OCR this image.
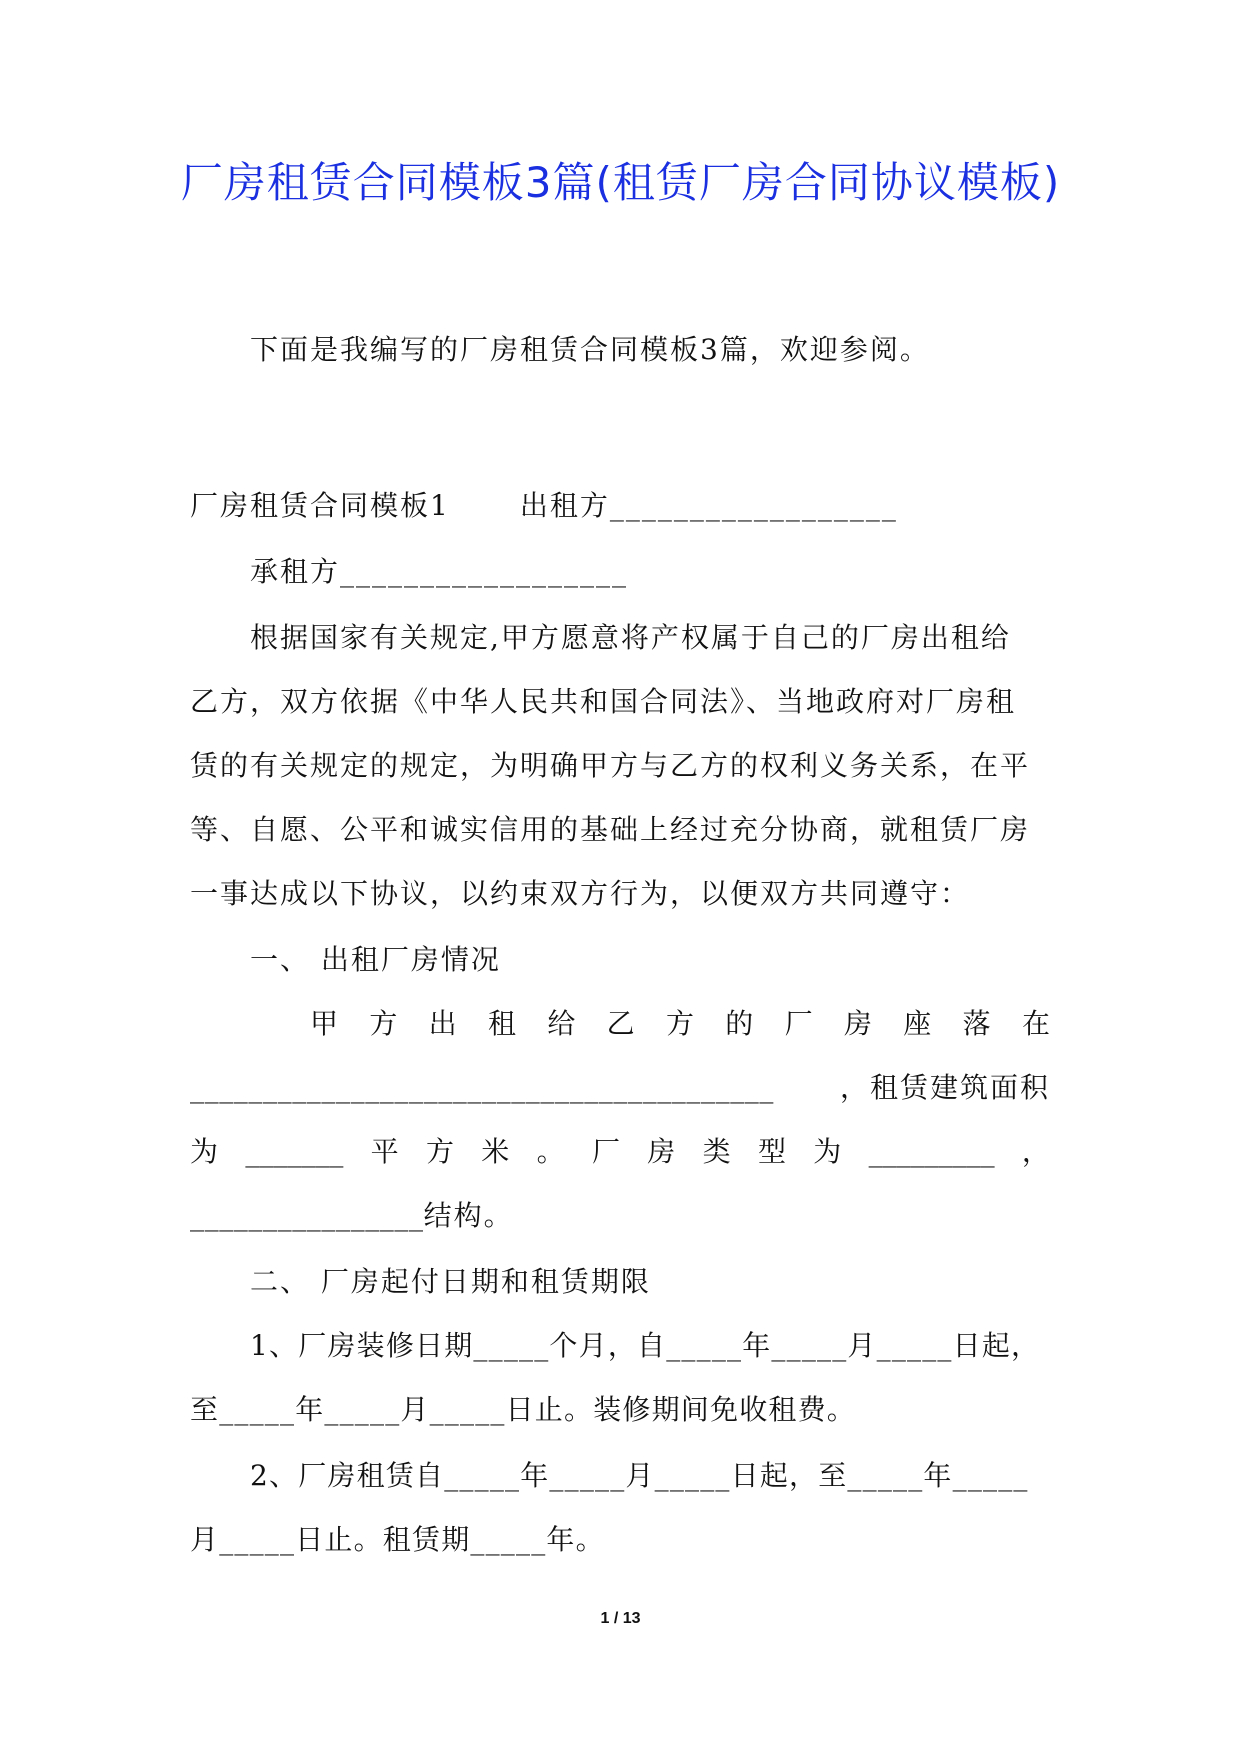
厂房租赁合同模板3篇(租赁厂房合同协议模板)

下面是我编写的厂房租赁合同模板3篇，欢迎参阅。

厂房租赁合同模板1	出租方__________________

承租方__________________

根据国家有关规定,甲方愿意将产权属于自己的厂房出租给

乙方，双方依据《中华人民共和国合同法》、当地政府对厂房租

赁的有关规定的规定，为明确甲方与乙方的权利义务关系，在平

等、自愿、公平和诚实信用的基础上经过充分协商，就租赁厂房

一事达成以下协议，以约束双方行为，以便双方共同遵守：

一、 出租厂房情况

甲 方 出 租 给 乙 方 的 厂 房 座 落 在
________________________________________ ，租赁建筑面积
为 _______ 平 方 米 。 厂 房 类 型 为 _________ ，

________________结构。

二、 厂房起付日期和租赁期限

1、厂房装修日期_____个月，自_____年_____月_____日起，

至_____年_____月_____日止。装修期间免收租费。

2、厂房租赁自_____年_____月_____日起，至_____年_____

月_____日止。租赁期_____年。

1 / 13
